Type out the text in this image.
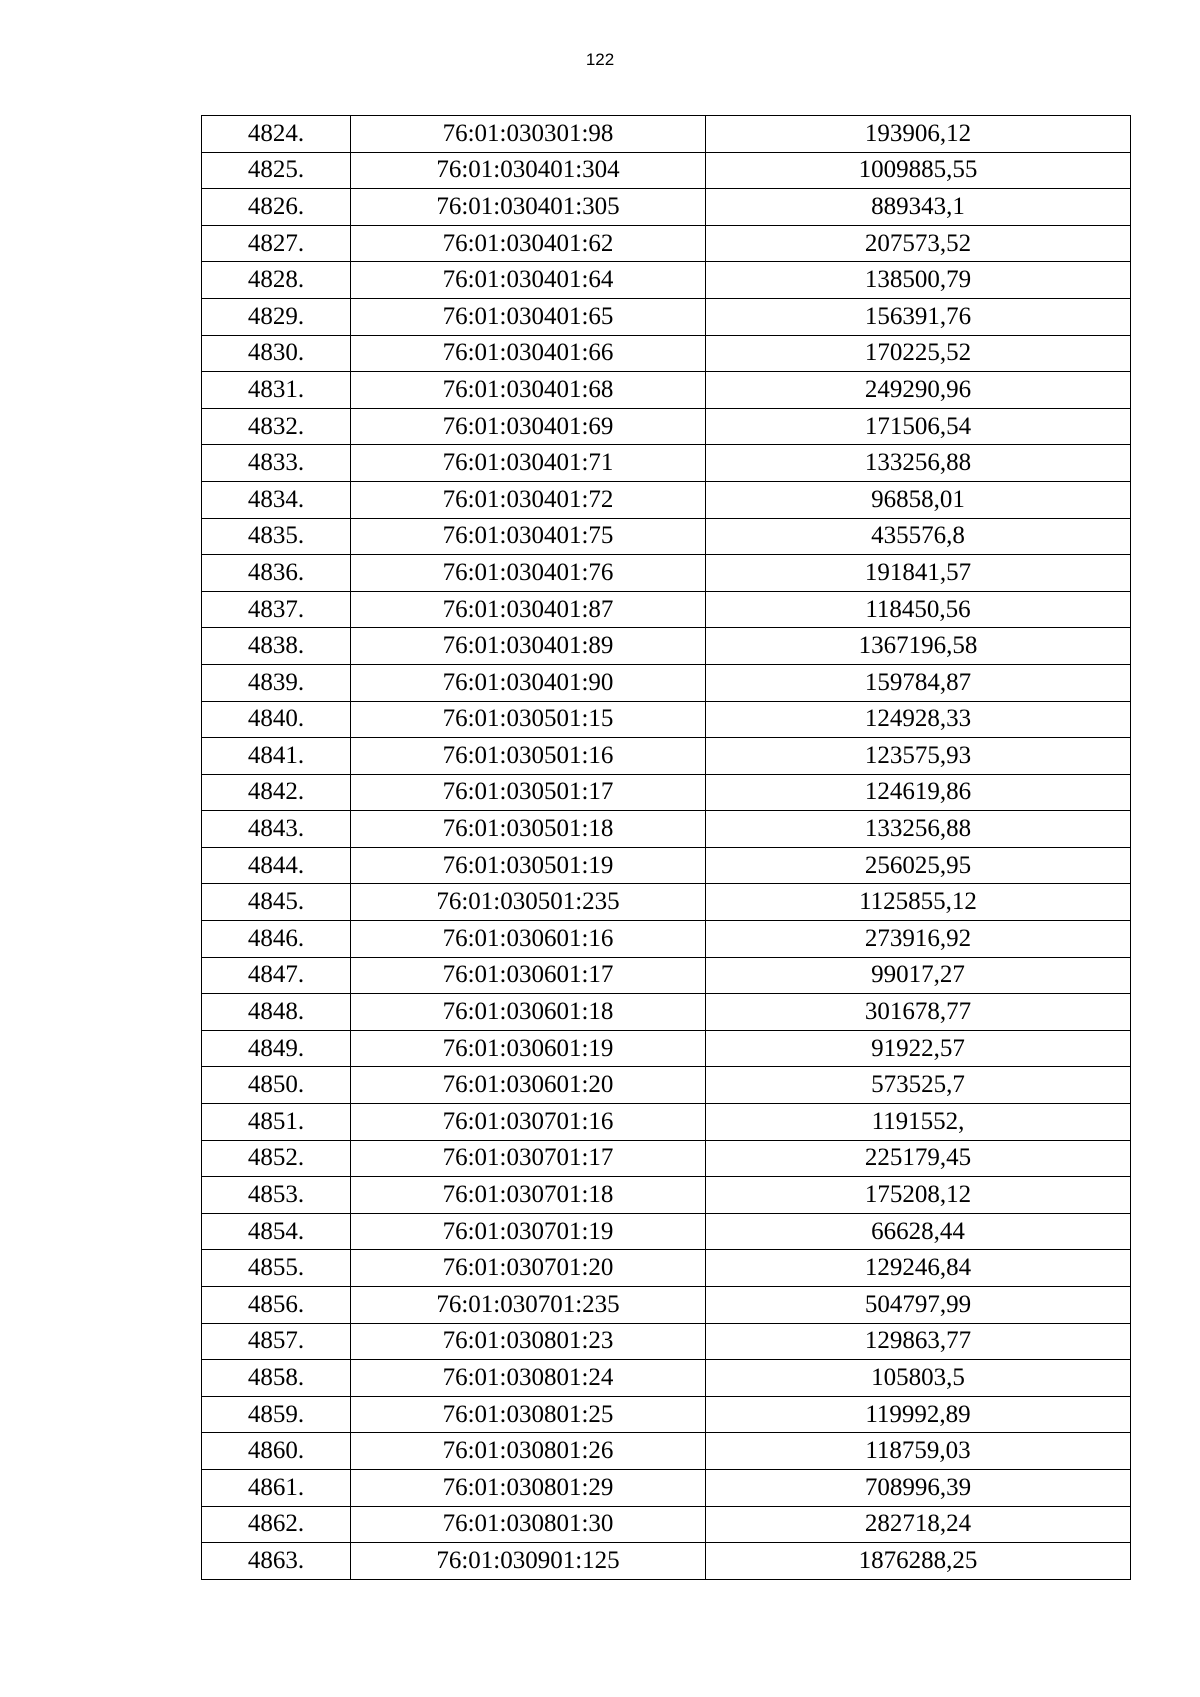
122
4824.	76:01:030301:98	193906,12
4825.	76:01:030401:304	1009885,55
4826.	76:01:030401:305	889343,1
4827.	76:01:030401:62	207573,52
4828.	76:01:030401:64	138500,79
4829.	76:01:030401:65	156391,76
4830.	76:01:030401:66	170225,52
4831.	76:01:030401:68	249290,96
4832.	76:01:030401:69	171506,54
4833.	76:01:030401:71	133256,88
4834.	76:01:030401:72	96858,01
4835.	76:01:030401:75	435576,8
4836.	76:01:030401:76	191841,57
4837.	76:01:030401:87	118450,56
4838.	76:01:030401:89	1367196,58
4839.	76:01:030401:90	159784,87
4840.	76:01:030501:15	124928,33
4841.	76:01:030501:16	123575,93
4842.	76:01:030501:17	124619,86
4843.	76:01:030501:18	133256,88
4844.	76:01:030501:19	256025,95
4845.	76:01:030501:235	1125855,12
4846.	76:01:030601:16	273916,92
4847.	76:01:030601:17	99017,27
4848.	76:01:030601:18	301678,77
4849.	76:01:030601:19	91922,57
4850.	76:01:030601:20	573525,7
4851.	76:01:030701:16	1191552,
4852.	76:01:030701:17	225179,45
4853.	76:01:030701:18	175208,12
4854.	76:01:030701:19	66628,44
4855.	76:01:030701:20	129246,84
4856.	76:01:030701:235	504797,99
4857.	76:01:030801:23	129863,77
4858.	76:01:030801:24	105803,5
4859.	76:01:030801:25	119992,89
4860.	76:01:030801:26	118759,03
4861.	76:01:030801:29	708996,39
4862.	76:01:030801:30	282718,24
4863.	76:01:030901:125	1876288,25
